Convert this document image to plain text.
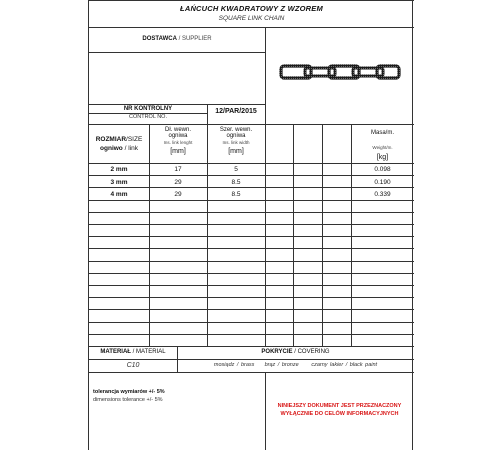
ŁAŃCUCH KWADRATOWY Z WZOREM
SQUARE LINK CHAIN
DOSTAWCA / SUPPLIER
NR KONTROLNY
CONTROL NO.
12/PAR/2015
ROZMIAR/SIZE
ogniwo / link
Dł. wewn.
ogniwa
Ins. link lenght
[mm]
Szer. wewn.
ogniwa
Ins. link width
[mm]
Masa/m.
Weight/m.
[kg]
2 mm	17	5	0.098
3 mm	29	8.5	0.190
4 mm	29	8.5	0.339
MATERIAŁ / MATERIAL
C10
POKRYCIE / COVERING
mosiądz / brass brąz / bronze czarny lakier / black paint
tolerancja wymiarów +/- 5%
dimensions tolerance +/- 5%
NINIEJSZY DOKUMENT JEST PRZEZNACZONY
WYŁĄCZNIE DO CELÓW INFORMACYJNYCH
